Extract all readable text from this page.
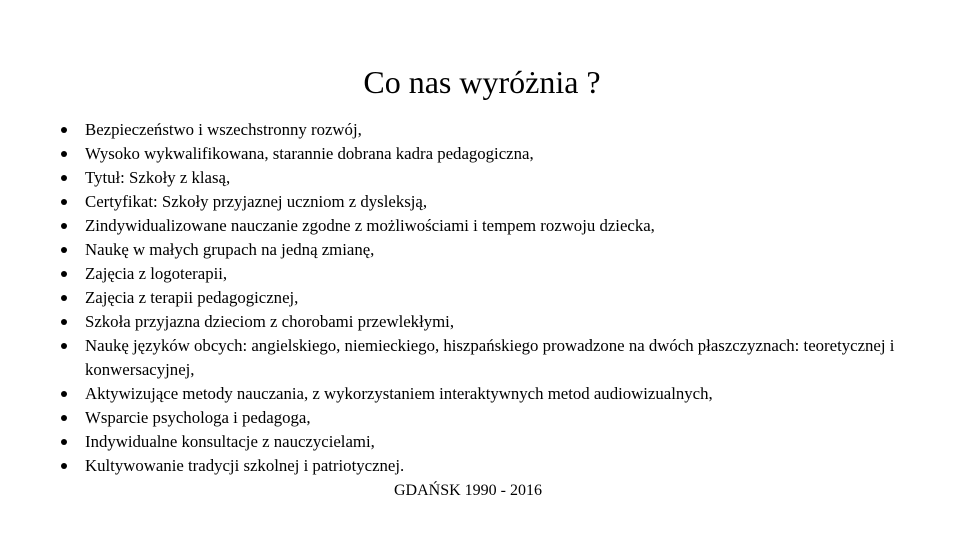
Co nas wyróżnia ?
Bezpieczeństwo i wszechstronny rozwój,
Wysoko wykwalifikowana, starannie dobrana kadra pedagogiczna,
Tytuł: Szkoły z klasą,
Certyfikat: Szkoły przyjaznej uczniom z dysleksją,
Zindywidualizowane nauczanie zgodne z możliwościami i tempem rozwoju dziecka,
Naukę w małych grupach na jedną zmianę,
Zajęcia z logoterapii,
Zajęcia z terapii pedagogicznej,
Szkoła przyjazna dzieciom z chorobami przewlekłymi,
Naukę języków obcych: angielskiego, niemieckiego, hiszpańskiego prowadzone na dwóch płaszczyznach: teoretycznej i konwersacyjnej,
Aktywizujące metody nauczania, z wykorzystaniem interaktywnych metod audiowizualnych,
Wsparcie psychologa i pedagoga,
Indywidualne konsultacje z nauczycielami,
Kultywowanie tradycji szkolnej i patriotycznej.
GDAŃSK 1990 - 2016
